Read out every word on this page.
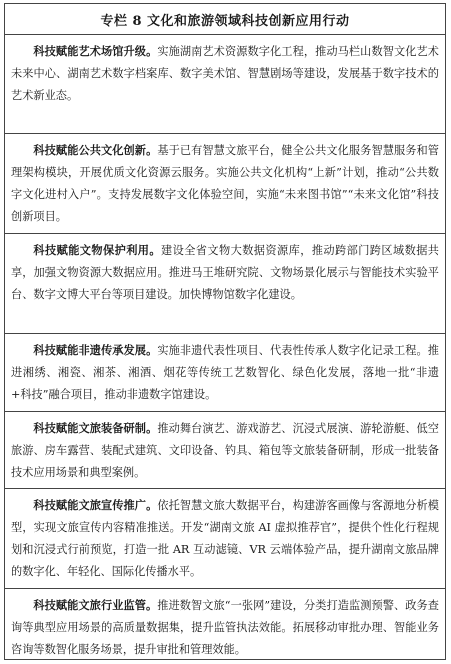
专栏 8 文化和旅游领域科技创新应用行动
科技赋能艺术场馆升级。实施湖南艺术资源数字化工程，推动马栏山数智文化艺术未来中心、湖南艺术数字档案库、数字美术馆、智慧剧场等建设，发展基于数字技术的艺术新业态。
科技赋能公共文化创新。基于已有智慧文旅平台，健全公共文化服务智慧服务和管理架构模块，开展优质文化资源云服务。实施公共文化机构“上新”计划，推动“公共数字文化进村入户”。支持发展数字文化体验空间，实施“未来图书馆”“未来文化馆”科技创新项目。
科技赋能文物保护利用。建设全省文物大数据资源库，推动跨部门跨区域数据共享，加强文物资源大数据应用。推进马王堆研究院、文物场景化展示与智能技术实验平台、数字文博大平台等项目建设。加快博物馆数字化建设。
科技赋能非遗传承发展。实施非遗代表性项目、代表性传承人数字化记录工程。推进湘绣、湘瓷、湘茶、湘酒、烟花等传统工艺数智化、绿色化发展，落地一批“非遗+科技”融合项目，推动非遗数字馆建设。
科技赋能文旅装备研制。推动舞台演艺、游戏游艺、沉浸式展演、游轮游艇、低空旅游、房车露营、装配式建筑、文印设备、钓具、箱包等文旅装备研制，形成一批装备技术应用场景和典型案例。
科技赋能文旅宣传推广。依托智慧文旅大数据平台，构建游客画像与客源地分析模型，实现文旅宣传内容精准推送。开发“湖南文旅 AI 虚拟推荐官”，提供个性化行程规划和沉浸式行前预览，打造一批 AR 互动滤镜、VR 云端体验产品，提升湖南文旅品牌的数字化、年轻化、国际化传播水平。
科技赋能文旅行业监管。推进数智文旅“一张网”建设，分类打造监测预警、政务查询等典型应用场景的高质量数据集，提升监管执法效能。拓展移动审批办理、智能业务咨询等数智化服务场景，提升审批和管理效能。
